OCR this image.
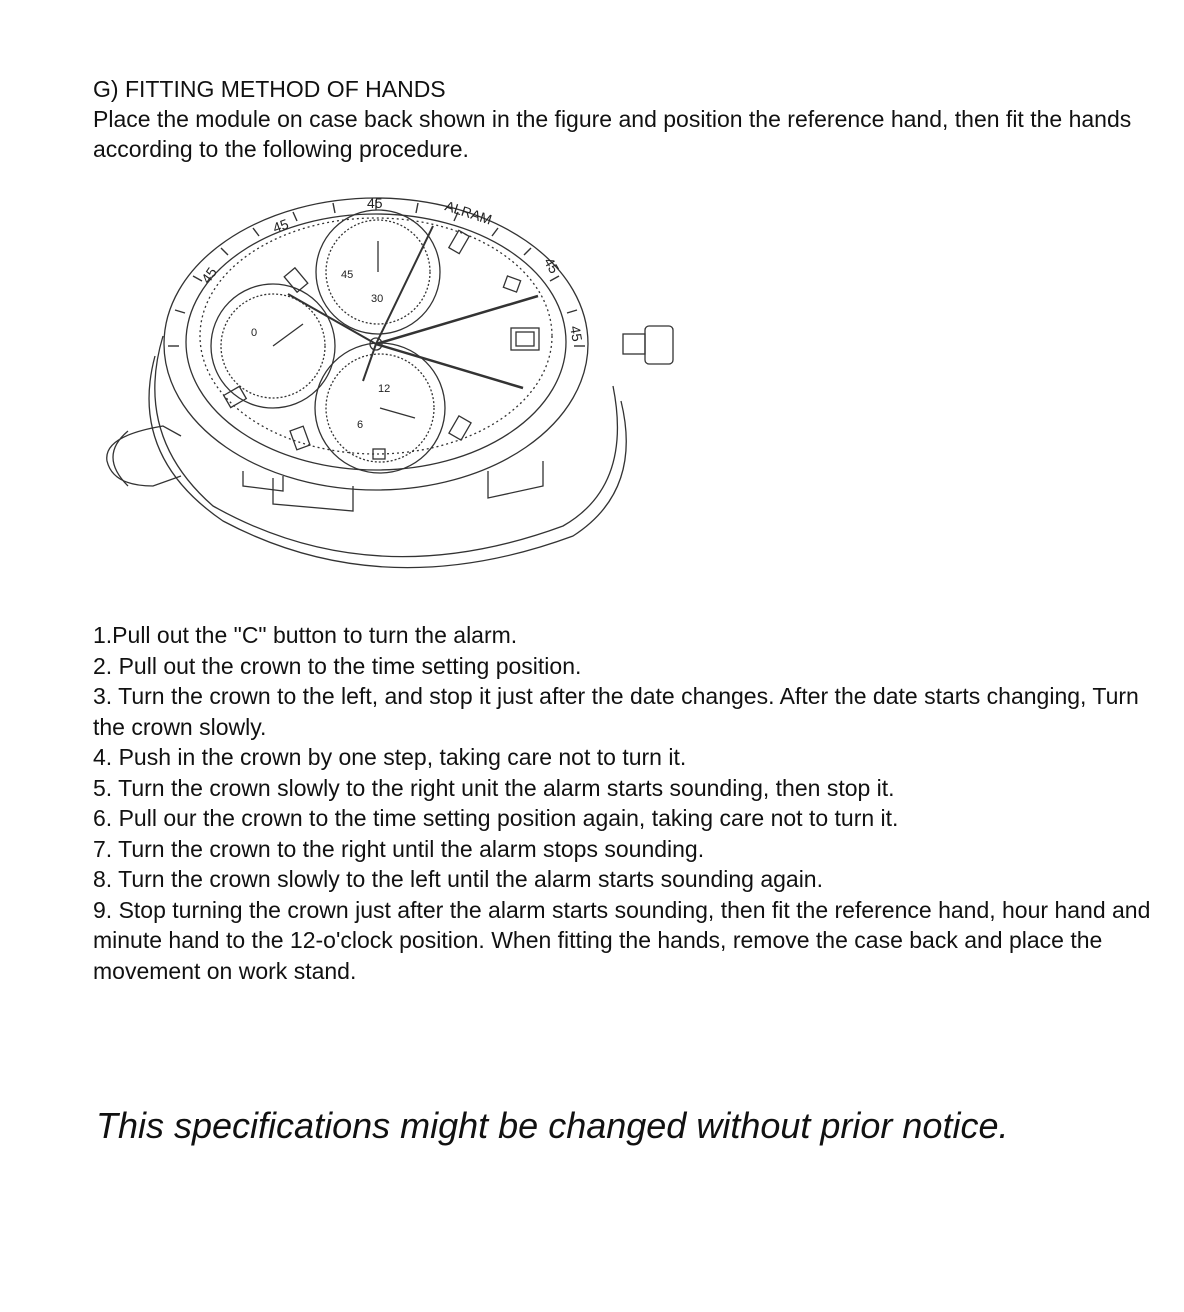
G) FITTING METHOD OF HANDS
Place the module on case back shown in the figure and position the reference hand, then fit the hands according to the following procedure.
45
45
45	45
45
ALRAM
45
30
0
12
6
1.Pull out the "C" button to turn the alarm.
2. Pull out the crown to the time setting position.
3. Turn the crown to the left, and stop it just after the date changes. After the date starts changing, Turn the crown slowly.
4. Push in the crown by one step, taking care not to turn it.
5. Turn the crown slowly to the right unit the alarm starts sounding, then stop it.
6. Pull our the crown to the time setting position again, taking care not to turn it.
7. Turn the crown to the right until the alarm stops sounding.
8. Turn the crown slowly to the left until the alarm starts sounding again.
9. Stop turning the crown just after the alarm starts sounding, then fit the reference hand, hour hand and minute hand to the 12-o'clock position. When fitting the hands, remove the case back and place the movement on work stand.
This specifications might be changed without prior notice.
